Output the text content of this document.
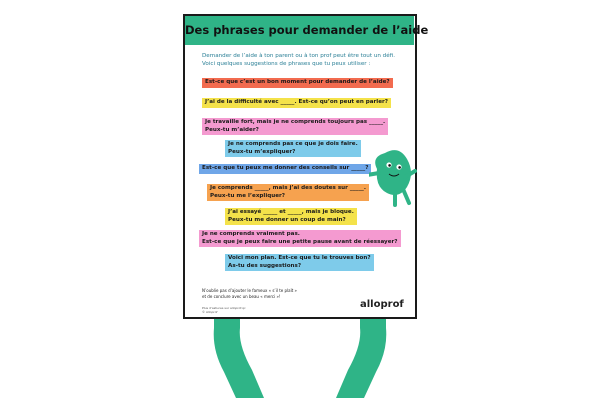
Des phrases pour demander de l’aide
Demander de l’aide à ton parent ou à ton prof peut être tout un défi.
Voici quelques suggestions de phrases que tu peux utiliser :
Est-ce que c’est un bon moment pour demander de l’aide?
J’ai de la difficulté avec _____. Est-ce qu’on peut en parler?
Je travaille fort, mais je ne comprends toujours pas _____.
Peux-tu m’aider?
Je ne comprends pas ce que je dois faire.
Peux-tu m’expliquer?
Est-ce que tu peux me donner des conseils sur _____?
Je comprends _____, mais j’ai des doutes sur _____.
Peux-tu me l’expliquer?
J’ai essayé _____ et _____, mais je bloque.
Peux-tu me donner un coup de main?
Je ne comprends vraiment pas.
Est-ce que je peux faire une petite pause avant de réessayer?
Voici mon plan. Est-ce que tu le trouves bon?
As-tu des suggestions?
N’oublie pas d’ajouter le fameux « s’il te plaît »
et de conclure avec un beau « merci »!
Plus d’astuces sur alloprof.qc
© Alloprof
alloprof
